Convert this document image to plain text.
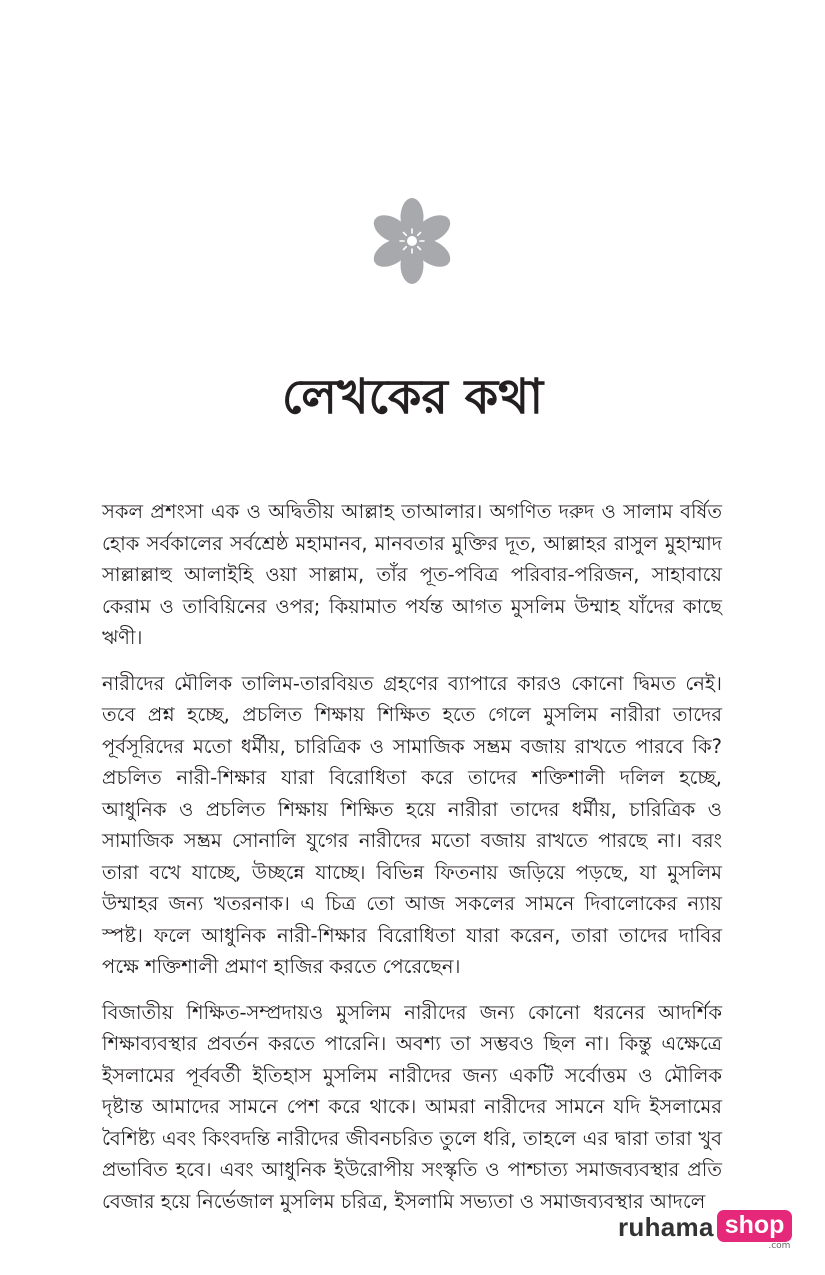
লেখকের কথা

সকল প্রশংসা এক ও অদ্বিতীয় আল্লাহ তাআলার। অগণিত দরুদ ও সালাম বর্ষিত হোক সর্বকালের সর্বশ্রেষ্ঠ মহামানব, মানবতার মুক্তির দূত, আল্লাহর রাসুল মুহাম্মাদ সাল্লাল্লাহু আলাইহি ওয়া সাল্লাম, তাঁর পূত-পবিত্র পরিবার-পরিজন, সাহাবায়ে কেরাম ও তাবিয়িনের ওপর; কিয়ামাত পর্যন্ত আগত মুসলিম উম্মাহ যাঁদের কাছে ঋণী।

নারীদের মৌলিক তালিম-তারবিয়ত গ্রহণের ব্যাপারে কারও কোনো দ্বিমত নেই। তবে প্রশ্ন হচ্ছে, প্রচলিত শিক্ষায় শিক্ষিত হতে গেলে মুসলিম নারীরা তাদের পূর্বসূরিদের মতো ধর্মীয়, চারিত্রিক ও সামাজিক সম্ভ্রম বজায় রাখতে পারবে কি? প্রচলিত নারী-শিক্ষার যারা বিরোধিতা করে তাদের শক্তিশালী দলিল হচ্ছে, আধুনিক ও প্রচলিত শিক্ষায় শিক্ষিত হয়ে নারীরা তাদের ধর্মীয়, চারিত্রিক ও সামাজিক সম্ভ্রম সোনালি যুগের নারীদের মতো বজায় রাখতে পারছে না। বরং তারা বখে যাচ্ছে, উচ্ছন্নে যাচ্ছে। বিভিন্ন ফিতনায় জড়িয়ে পড়ছে, যা মুসলিম উম্মাহর জন্য খতরনাক। এ চিত্র তো আজ সকলের সামনে দিবালোকের ন্যায় স্পষ্ট। ফলে আধুনিক নারী-শিক্ষার বিরোধিতা যারা করেন, তারা তাদের দাবির পক্ষে শক্তিশালী প্রমাণ হাজির করতে পেরেছেন।

বিজাতীয় শিক্ষিত-সম্প্রদায়ও মুসলিম নারীদের জন্য কোনো ধরনের আদর্শিক শিক্ষাব্যবস্থার প্রবর্তন করতে পারেনি। অবশ্য তা সম্ভবও ছিল না। কিন্তু এক্ষেত্রে ইসলামের পূর্ববর্তী ইতিহাস মুসলিম নারীদের জন্য একটি সর্বোত্তম ও মৌলিক দৃষ্টান্ত আমাদের সামনে পেশ করে থাকে। আমরা নারীদের সামনে যদি ইসলামের বৈশিষ্ট্য এবং কিংবদন্তি নারীদের জীবনচরিত তুলে ধরি, তাহলে এর দ্বারা তারা খুব প্রভাবিত হবে। এবং আধুনিক ইউরোপীয় সংস্কৃতি ও পাশ্চাত্য সমাজব্যবস্থার প্রতি বেজার হয়ে নির্ভেজাল মুসলিম চরিত্র, ইসলামি সভ্যতা ও সমাজব্যবস্থার আদলে

ruhama shop
.com
